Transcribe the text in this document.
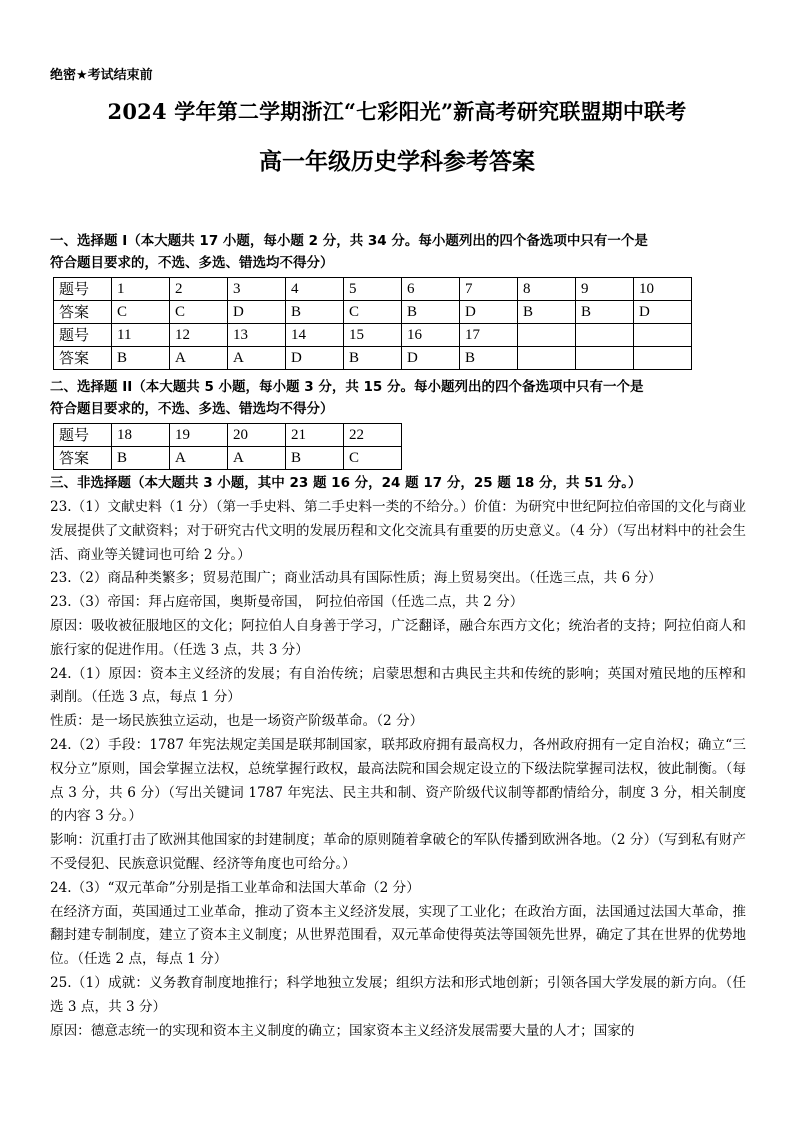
绝密★考试结束前
2024 学年第二学期浙江“七彩阳光”新高考研究联盟期中联考
高一年级历史学科参考答案
一、选择题 I（本大题共 17 小题，每小题 2 分，共 34 分。每小题列出的四个备选项中只有一个是
符合题目要求的，不选、多选、错选均不得分）
题号	1	2	3	4	5	6	7	8	9	10
答案	C	C	D	B	C	B	D	B	B	D
题号	11	12	13	14	15	16	17			
答案	B	A	A	D	B	D	B			
二、选择题 II（本大题共 5 小题，每小题 3 分，共 15 分。每小题列出的四个备选项中只有一个是
符合题目要求的，不选、多选、错选均不得分）
题号	18	19	20	21	22
答案	B	A	A	B	C
三、非选择题（本大题共 3 小题，其中 23 题 16 分，24 题 17 分，25 题 18 分，共 51 分。）

23.（1）文献史料（1 分）（第一手史料、第二手史料一类的不给分。）价值：为研究中世纪阿拉伯帝国的文化与商业发展提供了文献资料；对于研究古代文明的发展历程和文化交流具有重要的历史意义。（4 分）（写出材料中的社会生活、商业等关键词也可给 2 分。）

23.（2）商品种类繁多；贸易范围广；商业活动具有国际性质；海上贸易突出。（任选三点，共 6 分）

23.（3）帝国：拜占庭帝国，奥斯曼帝国， 阿拉伯帝国（任选二点，共 2 分）

原因：吸收被征服地区的文化；阿拉伯人自身善于学习，广泛翻译，融合东西方文化；统治者的支持；阿拉伯商人和旅行家的促进作用。（任选 3 点，共 3 分）

24.（1）原因：资本主义经济的发展；有自治传统；启蒙思想和古典民主共和传统的影响；英国对殖民地的压榨和剥削。（任选 3 点，每点 1 分）

性质：是一场民族独立运动，也是一场资产阶级革命。（2 分）

24.（2）手段：1787 年宪法规定美国是联邦制国家，联邦政府拥有最高权力，各州政府拥有一定自治权；确立“三权分立”原则，国会掌握立法权，总统掌握行政权，最高法院和国会规定设立的下级法院掌握司法权，彼此制衡。（每点 3 分，共 6 分）（写出关键词 1787 年宪法、民主共和制、资产阶级代议制等都酌情给分，制度 3 分，相关制度的内容 3 分。）

影响：沉重打击了欧洲其他国家的封建制度；革命的原则随着拿破仑的军队传播到欧洲各地。（2 分）（写到私有财产不受侵犯、民族意识觉醒、经济等角度也可给分。）

24.（3）“双元革命”分别是指工业革命和法国大革命（2 分）

在经济方面，英国通过工业革命，推动了资本主义经济发展，实现了工业化；在政治方面，法国通过法国大革命，推翻封建专制制度，建立了资本主义制度；从世界范围看，双元革命使得英法等国领先世界，确定了其在世界的优势地位。（任选 2 点，每点 1 分）

25.（1）成就：义务教育制度地推行；科学地独立发展；组织方法和形式地创新；引领各国大学发展的新方向。（任选 3 点，共 3 分）

原因：德意志统一的实现和资本主义制度的确立；国家资本主义经济发展需要大量的人才；国家的
